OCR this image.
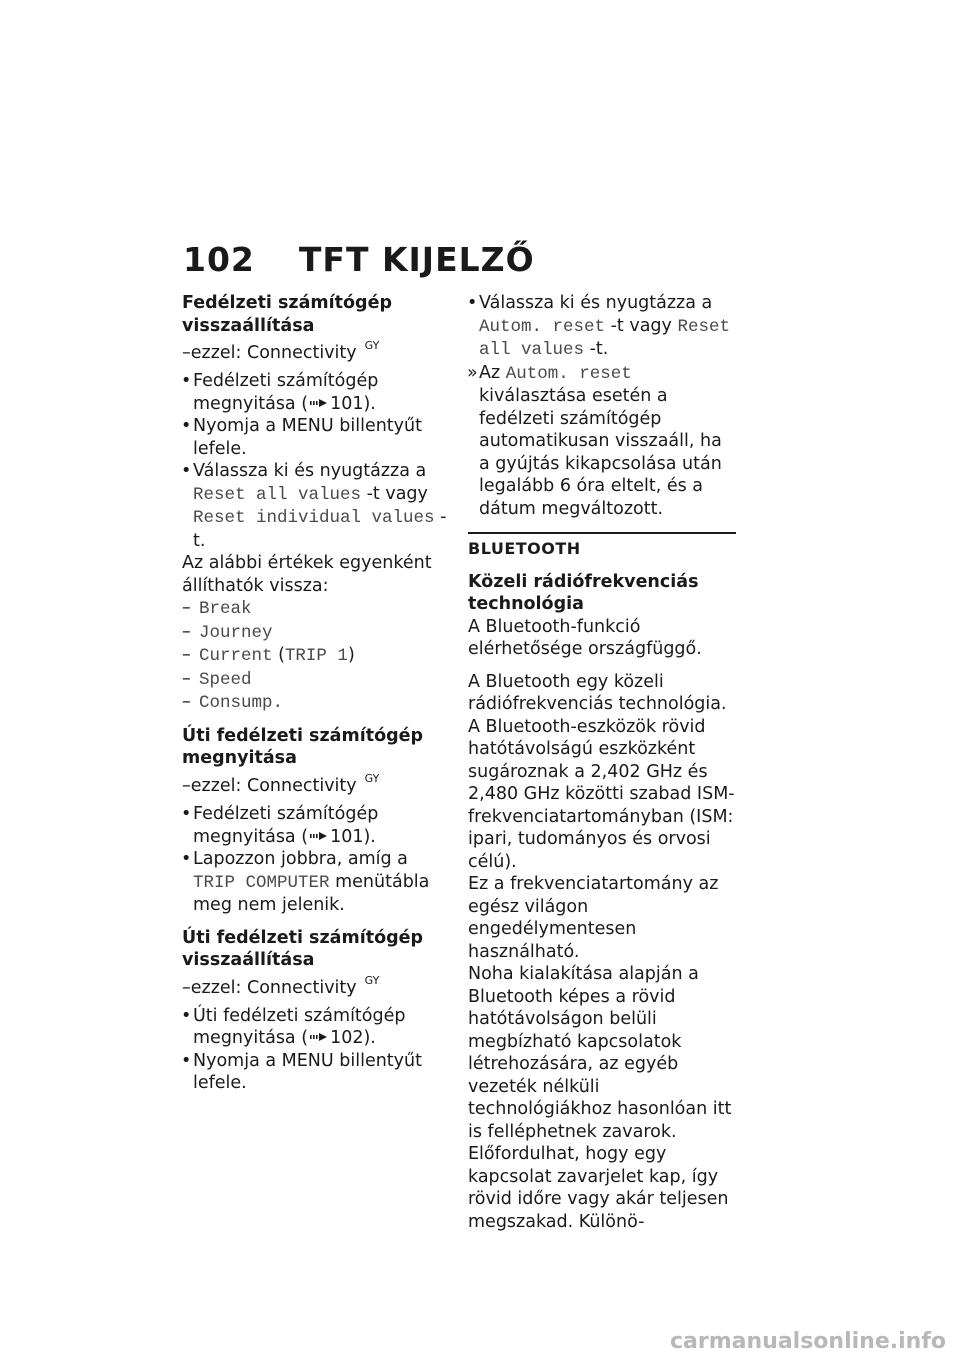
102 TFT KIJELZŐ

Fedélzeti számítógép visszaállítása

–ezzel: Connectivity $^{GY}$

• Fedélzeti számítógép megnyitása ( 101).
• Nyomja a MENU billentyűt lefele.
• Válassza ki és nyugtázza a Reset all values -t vagy Reset individual values -t.

Az alábbi értékek egyenként állíthatók vissza:

– Break
– Journey
– Current (TRIP 1)
– Speed
– Consump.

Úti fedélzeti számítógép megnyitása

–ezzel: Connectivity $^{GY}$

• Fedélzeti számítógép megnyitása ( 101).
• Lapozzon jobbra, amíg a TRIP COMPUTER menütábla meg nem jelenik.

Úti fedélzeti számítógép visszaállítása

–ezzel: Connectivity $^{GY}$

• Úti fedélzeti számítógép megnyitása ( 102).
• Nyomja a MENU billentyűt lefele.
• Válassza ki és nyugtázza a Autom. reset -t vagy Reset all values -t.
» Az Autom. reset kiválasztása esetén a fedélzeti számítógép automatikusan visszaáll, ha a gyújtás kikapcsolása után legalább 6 óra eltelt, és a dátum megváltozott.

BLUETOOTH

Közeli rádiófrekvenciás technológia

A Bluetooth-funkció elérhetősége országfüggő.

A Bluetooth egy közeli rádiófrekvenciás technológia. A Bluetooth-eszközök rövid hatótávolságú eszközként sugároznak a 2,402 GHz és 2,480 GHz közötti szabad ISM-frekvenciatartományban (ISM: ipari, tudományos és orvosi célú).

Ez a frekvenciatartomány az egész világon engedélymentesen használható.

Noha kialakítása alapján a Bluetooth képes a rövid hatótávolságon belüli megbízható kapcsolatok létrehozására, az egyéb vezeték nélküli technológiákhoz hasonlóan itt is felléphetnek zavarok. Előfordulhat, hogy egy kapcsolat zavarjelet kap, így rövid időre vagy akár teljesen megszakad. Különö-

carmanualsonline.info
